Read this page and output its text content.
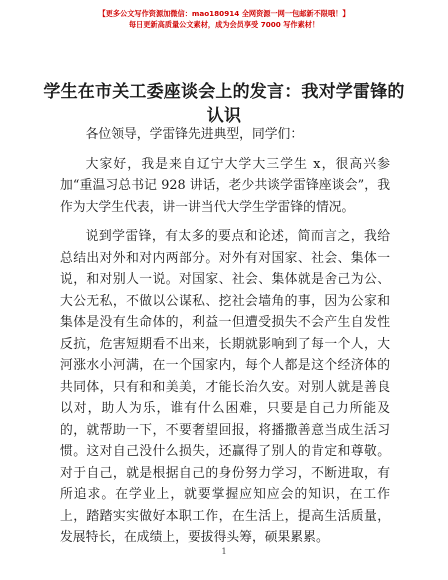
【更多公文写作资源加微信：mao180914 全网资源一网一包邮新不限哦！】
每日更新高质量公文素材，成为会员享受 7000 写作素材！
学生在市关工委座谈会上的发言：我对学雷锋的认识

各位领导，学雷锋先进典型，同学们：

大家好，我是来自辽宁大学大三学生 x，很高兴参加“重温习总书记 928 讲话，老少共谈学雷锋座谈会”，我作为大学生代表，讲一讲当代大学生学雷锋的情况。

说到学雷锋，有太多的要点和论述，简而言之，我给总结出对外和对内两部分。对外有对国家、社会、集体一说，和对别人一说。对国家、社会、集体就是舍己为公、大公无私，不做以公谋私、挖社会墙角的事，因为公家和集体是没有生命体的，利益一但遭受损失不会产生自发性反抗，危害短期看不出来，长期就影响到了每一个人，大河涨水小河满，在一个国家内，每个人都是这个经济体的共同体，只有和和美美，才能长治久安。对别人就是善良以对，助人为乐，谁有什么困难，只要是自己力所能及的，就帮助一下，不要奢望回报，将播撒善意当成生活习惯。这对自己没什么损失，还赢得了别人的肯定和尊敬。对于自己，就是根据自己的身份努力学习，不断进取，有所追求。在学业上，就要掌握应知应会的知识，在工作上，踏踏实实做好本职工作，在生活上，提高生活质量，发展特长，在成绩上，要拔得头筹，硕果累累。

1
